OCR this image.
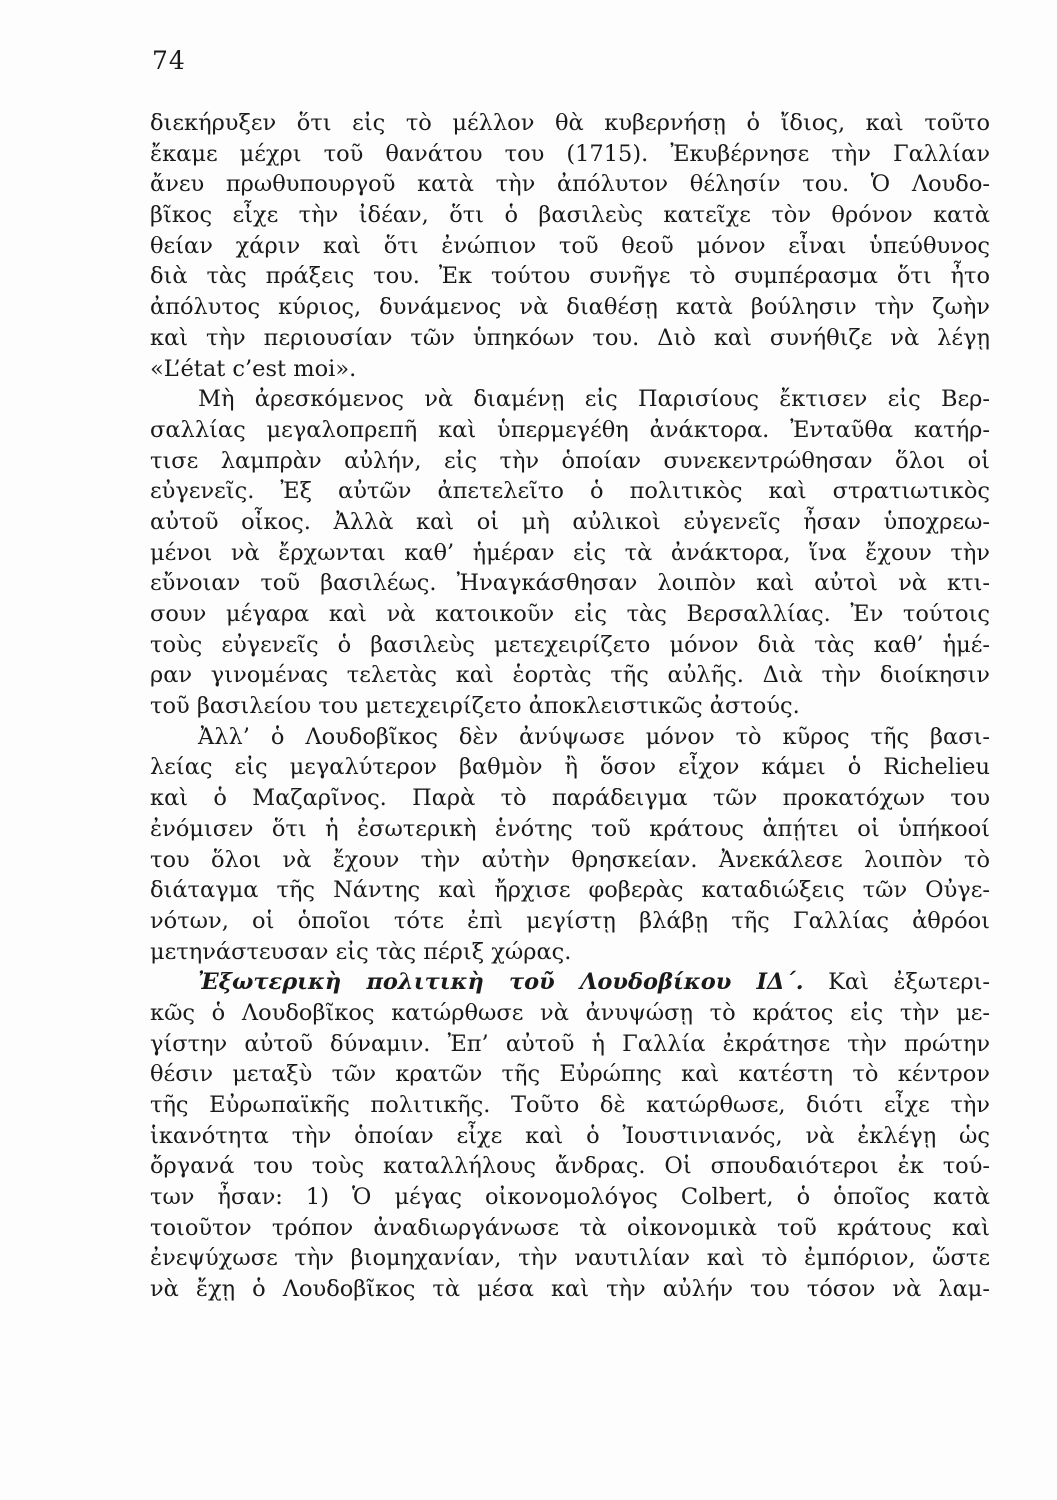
74
διεκήρυξεν ὅτι εἰς τὸ μέλλον θὰ κυβερνήσῃ ὁ ἴδιος, καὶ τοῦτο
ἔκαμε μέχρι τοῦ θανάτου του (1715). Ἐκυβέρνησε τὴν Γαλλίαν
ἄνευ πρωθυπουργοῦ κατὰ τὴν ἀπόλυτον θέλησίν του. Ὁ Λουδο-
βῖκος εἶχε τὴν ἰδέαν, ὅτι ὁ βασιλεὺς κατεῖχε τὸν θρόνον κατὰ
θείαν χάριν καὶ ὅτι ἐνώπιον τοῦ θεοῦ μόνον εἶναι ὑπεύθυνος
διὰ τὰς πράξεις του. Ἐκ τούτου συνῆγε τὸ συμπέρασμα ὅτι ἦτο
ἀπόλυτος κύριος, δυνάμενος νὰ διαθέσῃ κατὰ βούλησιν τὴν ζωὴν
καὶ τὴν περιουσίαν τῶν ὑπηκόων του. Διὸ καὶ συνήθιζε νὰ λέγῃ
«L’état c’est moi».
Μὴ ἀρεσκόμενος νὰ διαμένῃ εἰς Παρισίους ἔκτισεν εἰς Βερ-
σαλλίας μεγαλοπρεπῆ καὶ ὑπερμεγέθη ἀνάκτορα. Ἐνταῦθα κατήρ-
τισε λαμπρὰν αὐλήν, εἰς τὴν ὁποίαν συνεκεντρώθησαν ὅλοι οἱ
εὐγενεῖς. Ἐξ αὐτῶν ἀπετελεῖτο ὁ πολιτικὸς καὶ στρατιωτικὸς
αὐτοῦ οἶκος. Ἀλλὰ καὶ οἱ μὴ αὐλικοὶ εὐγενεῖς ἦσαν ὑποχρεω-
μένοι νὰ ἔρχωνται καθ’ ἡμέραν εἰς τὰ ἀνάκτορα, ἵνα ἔχουν τὴν
εὔνοιαν τοῦ βασιλέως. Ἠναγκάσθησαν λοιπὸν καὶ αὐτοὶ νὰ κτι-
σουν μέγαρα καὶ νὰ κατοικοῦν εἰς τὰς Βερσαλλίας. Ἐν τούτοις
τοὺς εὐγενεῖς ὁ βασιλεὺς μετεχειρίζετο μόνον διὰ τὰς καθ’ ἡμέ-
ραν γινομένας τελετὰς καὶ ἑορτὰς τῆς αὐλῆς. Διὰ τὴν διοίκησιν
τοῦ βασιλείου του μετεχειρίζετο ἀποκλειστικῶς ἀστούς.
Ἀλλ’ ὁ Λουδοβῖκος δὲν ἀνύψωσε μόνον τὸ κῦρος τῆς βασι-
λείας εἰς μεγαλύτερον βαθμὸν ἢ ὅσον εἶχον κάμει ὁ Richelieu
καὶ ὁ Μαζαρῖνος. Παρὰ τὸ παράδειγμα τῶν προκατόχων του
ἐνόμισεν ὅτι ἡ ἐσωτερικὴ ἑνότης τοῦ κράτους ἀπῄτει οἱ ὑπήκοοί
του ὅλοι νὰ ἔχουν τὴν αὐτὴν θρησκείαν. Ἀνεκάλεσε λοιπὸν τὸ
διάταγμα τῆς Νάντης καὶ ἤρχισε φοβερὰς καταδιώξεις τῶν Οὐγε-
νότων, οἱ ὁποῖοι τότε ἐπὶ μεγίστῃ βλάβῃ τῆς Γαλλίας ἀθρόοι
μετηνάστευσαν εἰς τὰς πέριξ χώρας.
Ἐξωτερικὴ πολιτικὴ τοῦ Λουδοβίκου ΙΔ΄. Καὶ ἐξωτερι-
κῶς ὁ Λουδοβῖκος κατώρθωσε νὰ ἀνυψώσῃ τὸ κράτος εἰς τὴν με-
γίστην αὐτοῦ δύναμιν. Ἐπ’ αὐτοῦ ἡ Γαλλία ἐκράτησε τὴν πρώτην
θέσιν μεταξὺ τῶν κρατῶν τῆς Εὐρώπης καὶ κατέστη τὸ κέντρον
τῆς Εὐρωπαϊκῆς πολιτικῆς. Τοῦτο δὲ κατώρθωσε, διότι εἶχε τὴν
ἱκανότητα τὴν ὁποίαν εἶχε καὶ ὁ Ἰουστινιανός, νὰ ἐκλέγῃ ὡς
ὄργανά του τοὺς καταλλήλους ἄνδρας. Οἱ σπουδαιότεροι ἐκ τού-
των ἦσαν: 1) Ὁ μέγας οἰκονομολόγος Colbert, ὁ ὁποῖος κατὰ
τοιοῦτον τρόπον ἀναδιωργάνωσε τὰ οἰκονομικὰ τοῦ κράτους καὶ
ἐνεψύχωσε τὴν βιομηχανίαν, τὴν ναυτιλίαν καὶ τὸ ἐμπόριον, ὥστε
νὰ ἔχῃ ὁ Λουδοβῖκος τὰ μέσα καὶ τὴν αὐλήν του τόσον νὰ λαμ-
